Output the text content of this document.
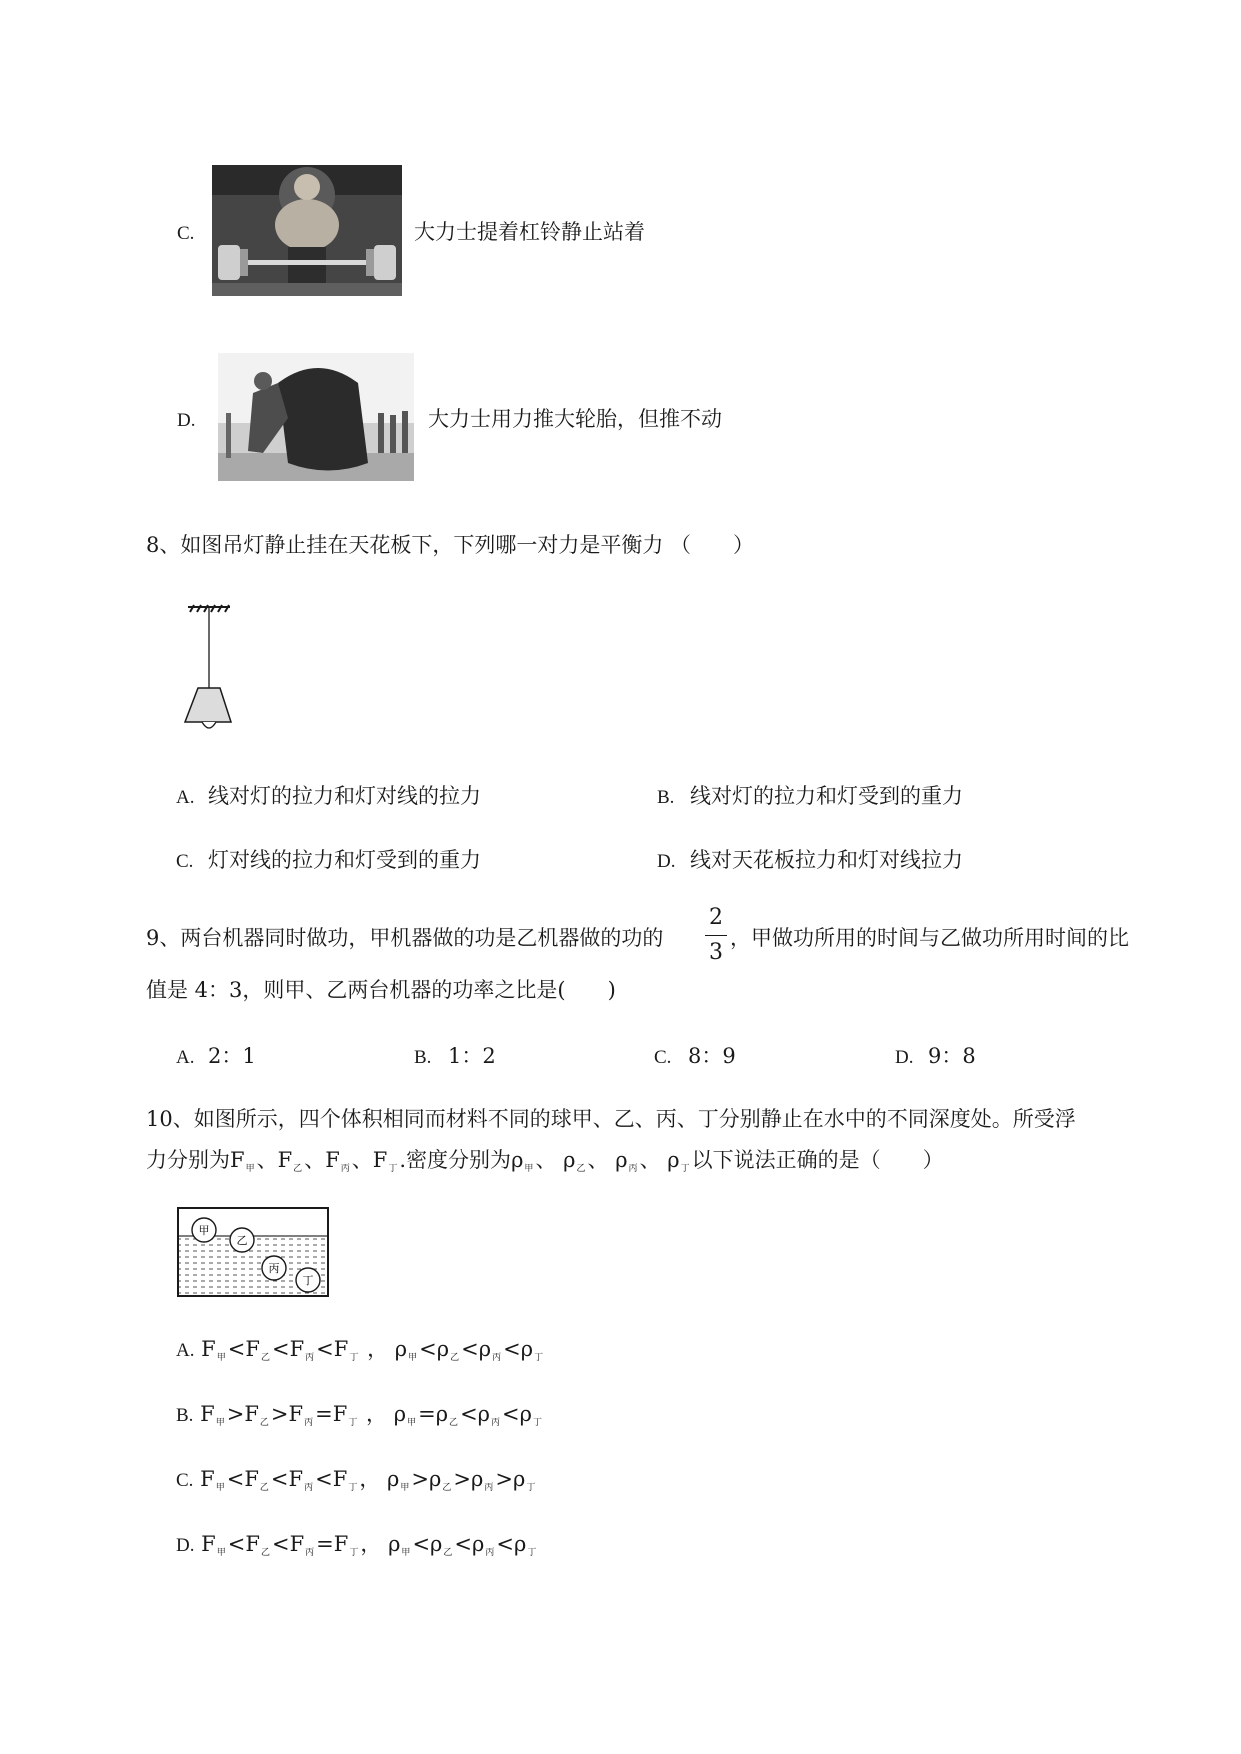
C.	大力士提着杠铃静止站着
D.	大力士用力推大轮胎，但推不动
8、如图吊灯静止挂在天花板下，下列哪一对力是平衡力 （　　）
A. 线对灯的拉力和灯对线的拉力	B. 线对灯的拉力和灯受到的重力
C. 灯对线的拉力和灯受到的重力	D. 线对天花板拉力和灯对线拉力
9、两台机器同时做功，甲机器做的功是乙机器做的功的
2
3
，甲做功所用的时间与乙做功所用时间的比
值是 4：3，则甲、乙两台机器的功率之比是(　　)
A. 2：1	B. 1：2	C. 8：9	D. 9：8
10、如图所示，四个体积相同而材料不同的球甲、乙、丙、丁分别静止在水中的不同深度处。所受浮
力分别为$F_甲$、$F_乙$、$F_丙$、$F_丁$.密度分别为$\rho_甲$、 $\rho_乙$、 $\rho_丙$、 $\rho_丁$以下说法正确的是（　　）
甲
乙
丙
丁
A. $F_甲<F_乙<F_丙<F_丁$ ， $\rho_甲<\rho_乙<\rho_丙<\rho_丁$
B. $F_甲>F_乙>F_丙=F_丁$ ， $\rho_甲=\rho_乙<\rho_丙<\rho_丁$
C. $F_甲<F_乙<F_丙<F_丁$， $\rho_甲>\rho_乙>\rho_丙>\rho_丁$
D. $F_甲<F_乙<F_丙=F_丁$， $\rho_甲<\rho_乙<\rho_丙<\rho_丁$
